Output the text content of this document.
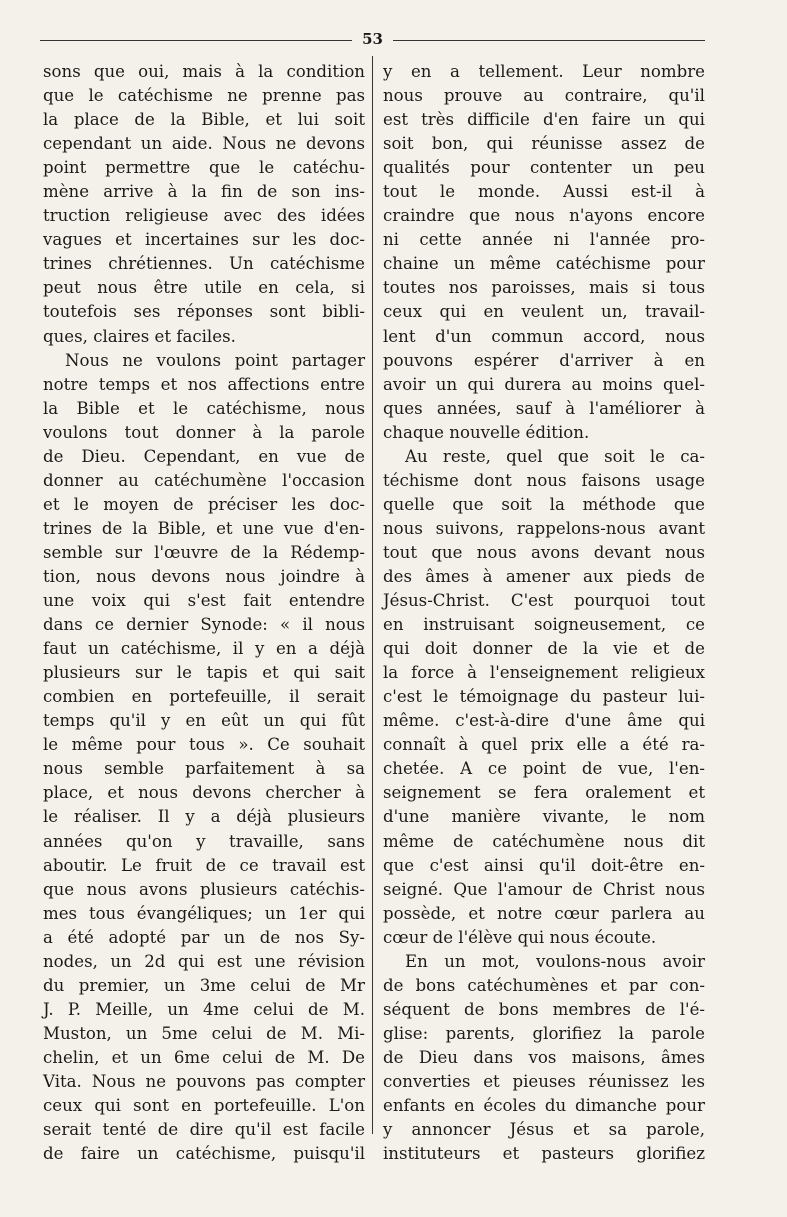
53
sons que oui, mais à la condition
que le catéchisme ne prenne pas
la place de la Bible, et lui soit
cependant un aide. Nous ne devons
point permettre que le catéchu-
mène arrive à la fin de son ins-
truction religieuse avec des idées
vagues et incertaines sur les doc-
trines chrétiennes. Un catéchisme
peut nous être utile en cela, si
toutefois ses réponses sont bibli-
ques, claires et faciles.
Nous ne voulons point partager
notre temps et nos affections entre
la Bible et le catéchisme, nous
voulons tout donner à la parole
de Dieu. Cependant, en vue de
donner au catéchumène l'occasion
et le moyen de préciser les doc-
trines de la Bible, et une vue d'en-
semble sur l'œuvre de la Rédemp-
tion, nous devons nous joindre à
une voix qui s'est fait entendre
dans ce dernier Synode: « il nous
faut un catéchisme, il y en a déjà
plusieurs sur le tapis et qui sait
combien en portefeuille, il serait
temps qu'il y en eût un qui fût
le même pour tous ». Ce souhait
nous semble parfaitement à sa
place, et nous devons chercher à
le réaliser. Il y a déjà plusieurs
années qu'on y travaille, sans
aboutir. Le fruit de ce travail est
que nous avons plusieurs catéchis-
mes tous évangéliques; un 1er qui
a été adopté par un de nos Sy-
nodes, un 2d qui est une révision
du premier, un 3me celui de Mr
J. P. Meille, un 4me celui de M.
Muston, un 5me celui de M. Mi-
chelin, et un 6me celui de M. De
Vita. Nous ne pouvons pas compter
ceux qui sont en portefeuille. L'on
serait tenté de dire qu'il est facile
de faire un catéchisme, puisqu'il
y en a tellement. Leur nombre
nous prouve au contraire, qu'il
est très difficile d'en faire un qui
soit bon, qui réunisse assez de
qualités pour contenter un peu
tout le monde. Aussi est-il à
craindre que nous n'ayons encore
ni cette année ni l'année pro-
chaine un même catéchisme pour
toutes nos paroisses, mais si tous
ceux qui en veulent un, travail-
lent d'un commun accord, nous
pouvons espérer d'arriver à en
avoir un qui durera au moins quel-
ques années, sauf à l'améliorer à
chaque nouvelle édition.
Au reste, quel que soit le ca-
téchisme dont nous faisons usage
quelle que soit la méthode que
nous suivons, rappelons-nous avant
tout que nous avons devant nous
des âmes à amener aux pieds de
Jésus-Christ. C'est pourquoi tout
en instruisant soigneusement, ce
qui doit donner de la vie et de
la force à l'enseignement religieux
c'est le témoignage du pasteur lui-
même. c'est-à-dire d'une âme qui
connaît à quel prix elle a été ra-
chetée. A ce point de vue, l'en-
seignement se fera oralement et
d'une manière vivante, le nom
même de catéchumène nous dit
que c'est ainsi qu'il doit-être en-
seigné. Que l'amour de Christ nous
possède, et notre cœur parlera au
cœur de l'élève qui nous écoute.
En un mot, voulons-nous avoir
de bons catéchumènes et par con-
séquent de bons membres de l'é-
glise: parents, glorifiez la parole
de Dieu dans vos maisons, âmes
converties et pieuses réunissez les
enfants en écoles du dimanche pour
y annoncer Jésus et sa parole,
instituteurs et pasteurs glorifiez
